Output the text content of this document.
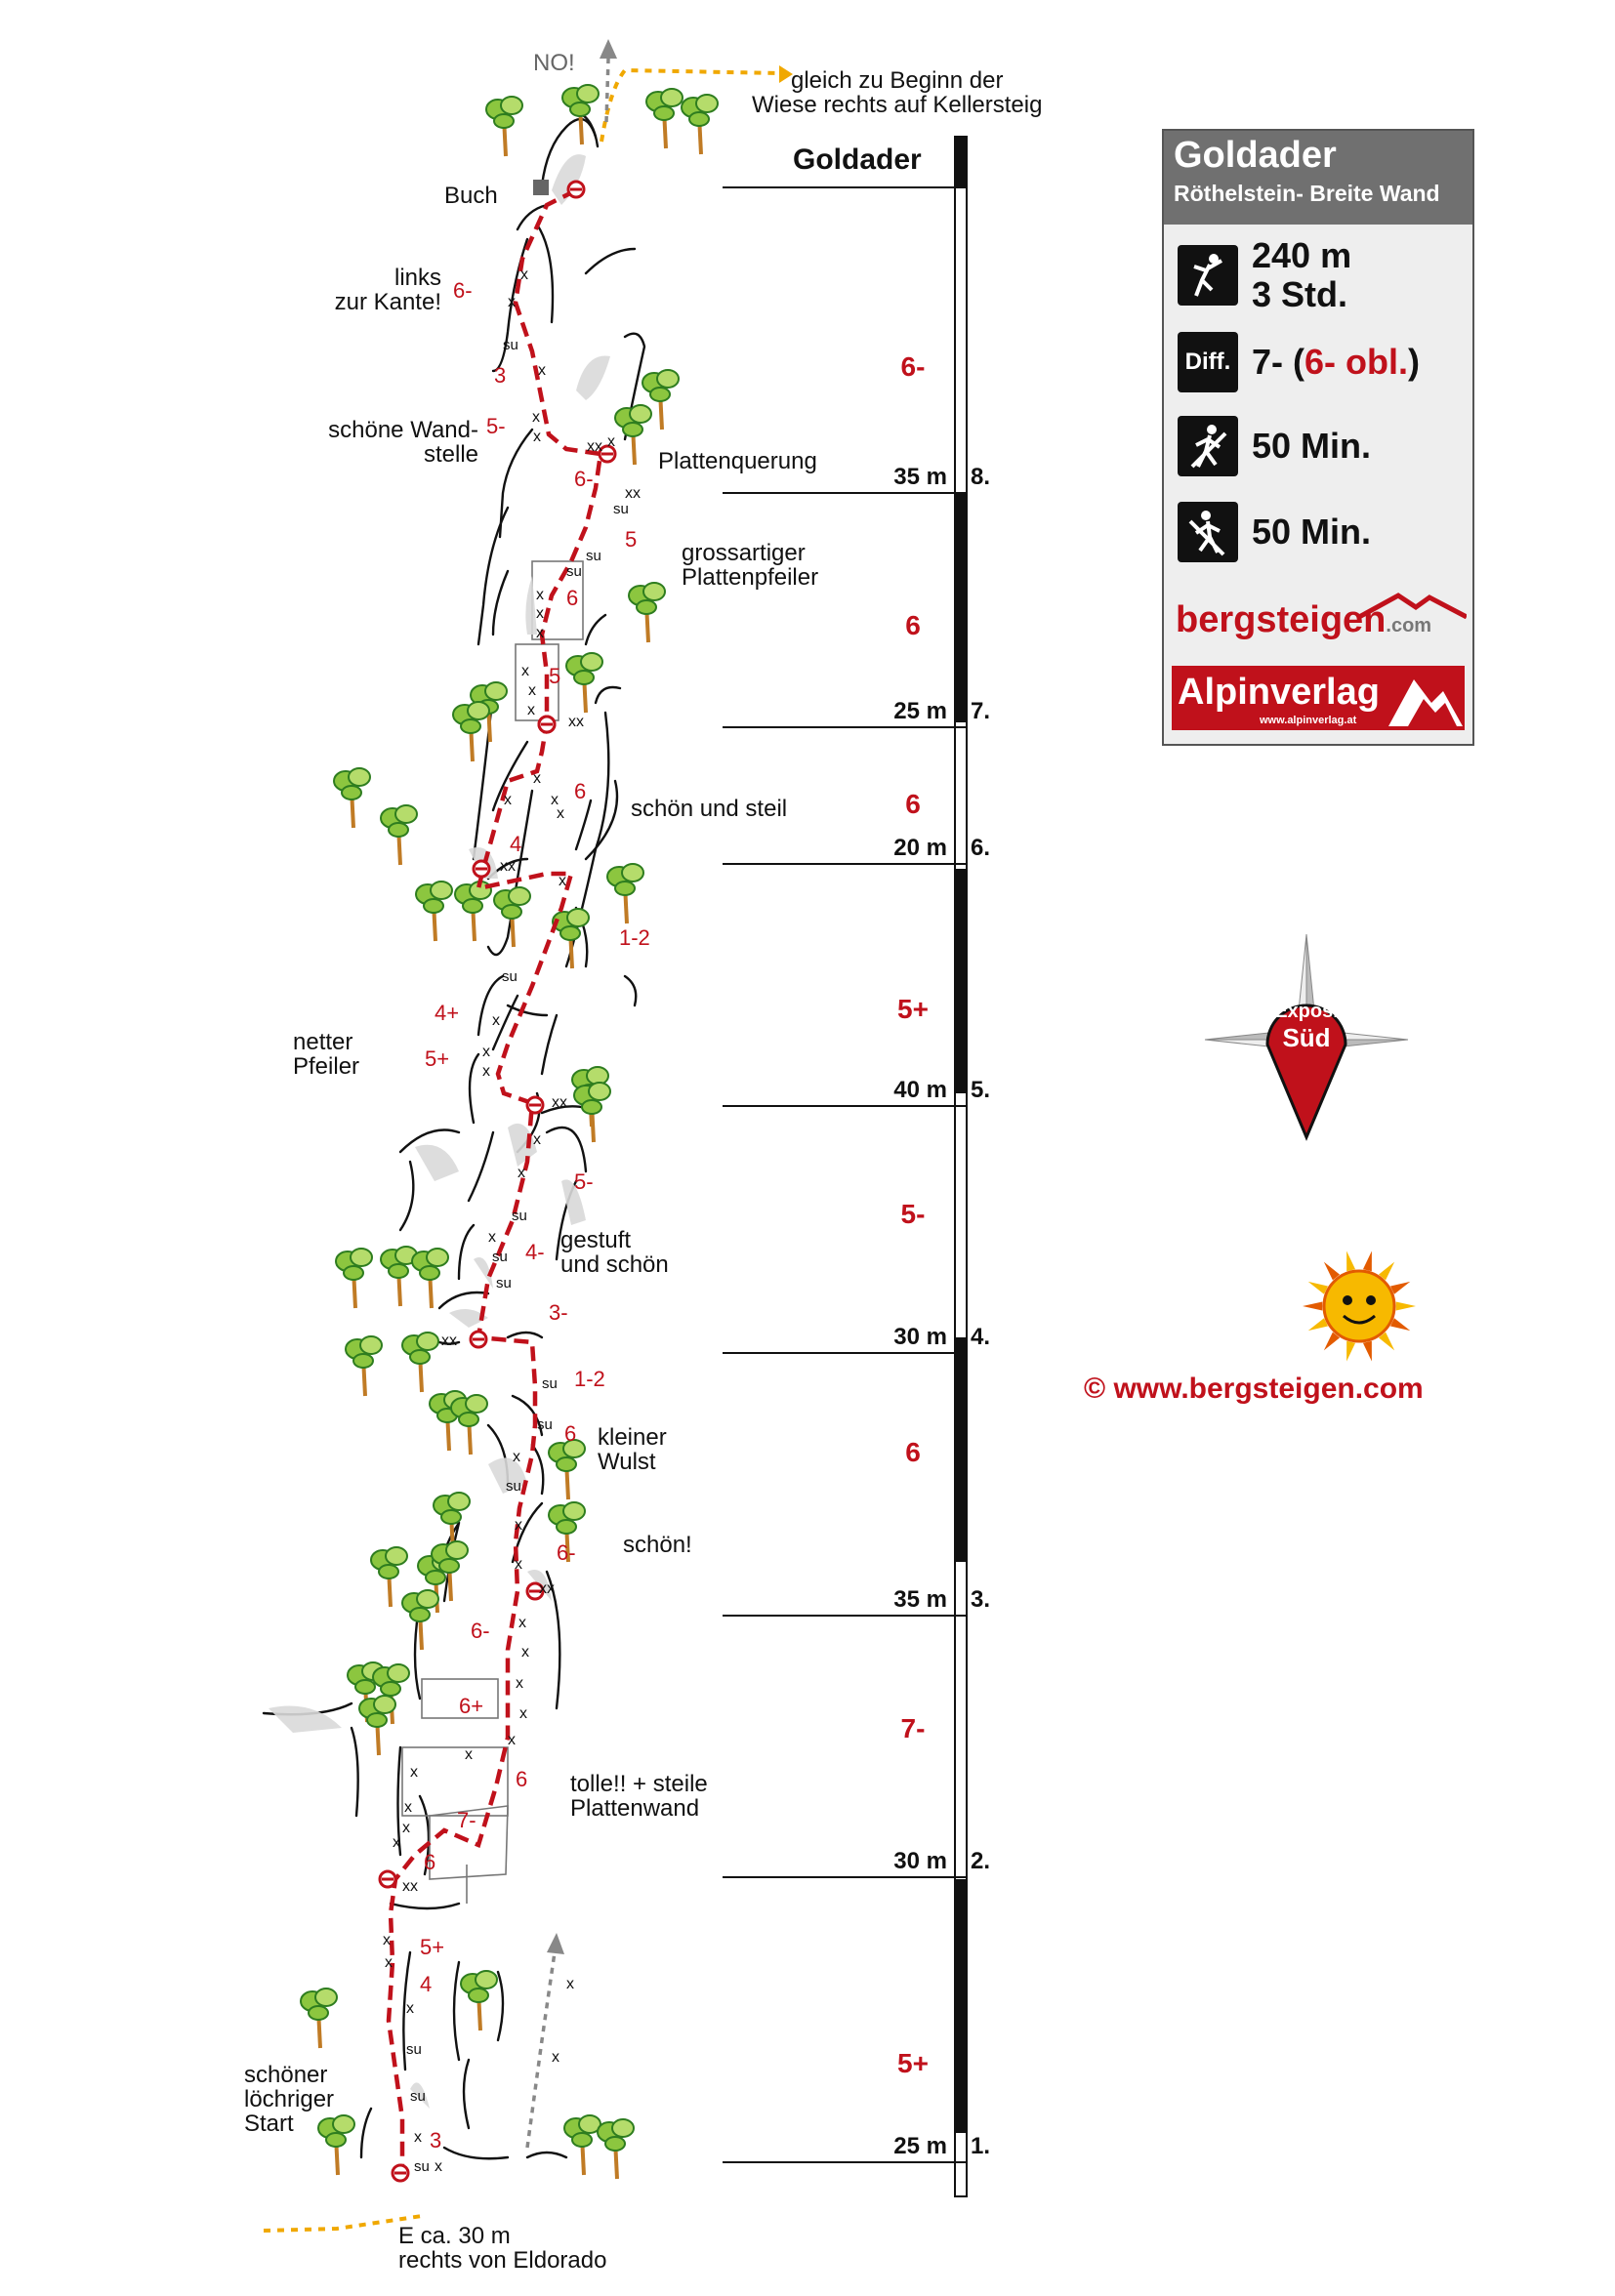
6-
3
5-
6-
5
6
5
6
4
1-2
4+
5+
5-
4-
3-
1-2
6
6-
6-
6+
6
7-
6
5+
4
3
x
x
su
x
x
x
xx x
xx
su
su
su
x
x
x
x
x
x
xx
x
x	x
x
xx
x
su
x
x
x
xx
x
x
su
x
su
su
xx
su
su
x
su
x
x
xx
x
x
x
x
x
x
x
x
x
x
xx
x
x
x
su
su
x
su x
x
x
Goldader
25 m 1.
5+
30 m 2.
7-
35 m 3.
6
30 m 4.
5-
40 m 5.
5+
20 m 6.
6
25 m 7.
6
35 m 8.
6-
NO!
gleich zu Beginn der
Wiese rechts auf Kellersteig
Buch
links
zur Kante!
schöne Wand-
stelle	Plattenquerung
grossartiger
Plattenpfeiler
schön und steil
netter
Pfeiler
gestuft
und schön
kleiner
Wulst
schön!
tolle!! + steile
Plattenwand
schöner
löchriger
Start
E ca. 30 m
rechts von Eldorado
Goldader
Röthelstein- Breite Wand
240 m
3 Std.
Diff. 7- (6- obl.)
50 Min.
50 Min.
bergsteigen.com
Alpinverlag
www.alpinverlag.at
Expos.
Süd
© www.bergsteigen.com
